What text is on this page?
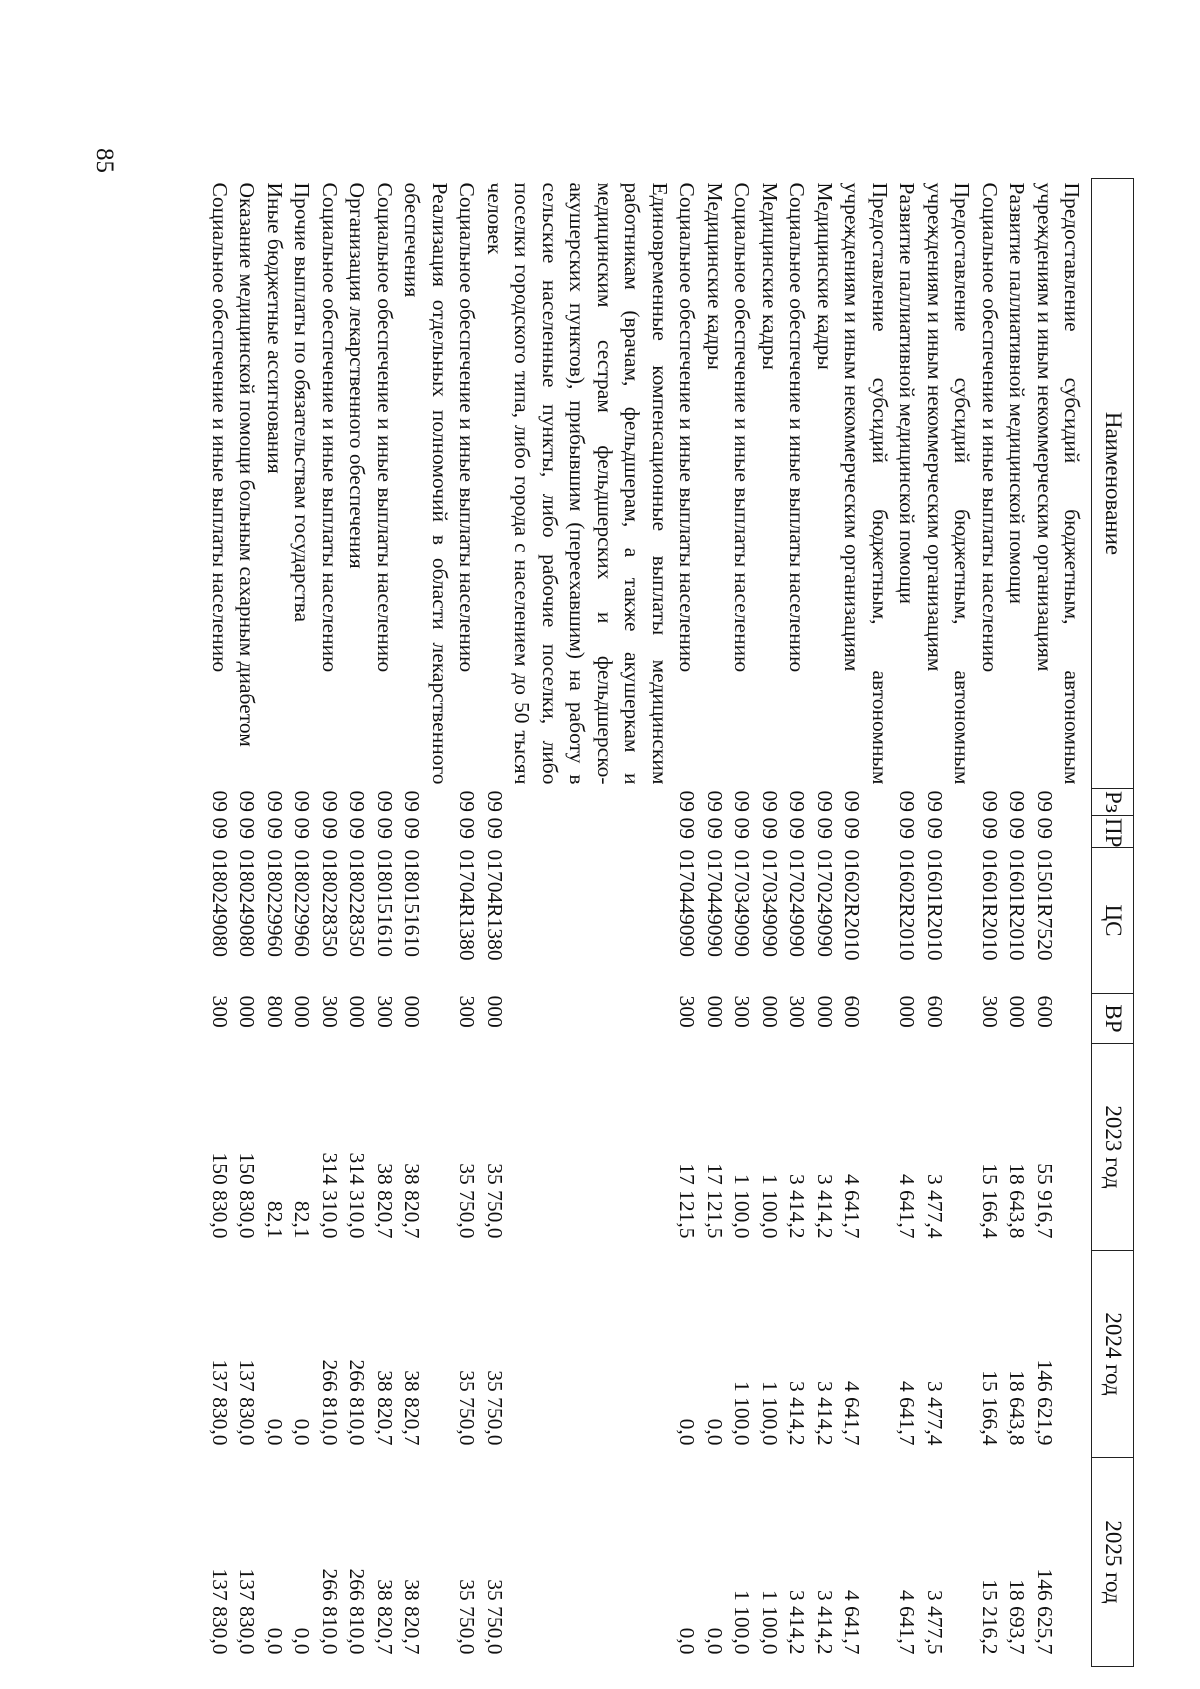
85
Наименование	Рз	ПР	ЦС	ВР	2023 год	2024 год	2025 год
Предоставление субсидий бюджетным, автономным учреждениям и иным некоммерческим организациям	09	09	01501R7520	600	55 916,7	146 621,9	146 625,7
Развитие паллиативной медицинской помощи	09	09	01601R2010	000	18 643,8	18 643,8	18 693,7
Социальное обеспечение и иные выплаты населению	09	09	01601R2010	300	15 166,4	15 166,4	15 216,2
Предоставление субсидий бюджетным, автономным учреждениям и иным некоммерческим организациям	09	09	01601R2010	600	3 477,4	3 477,4	3 477,5
Развитие паллиативной медицинской помощи	09	09	01602R2010	000	4 641,7	4 641,7	4 641,7
Предоставление субсидий бюджетным, автономным учреждениям и иным некоммерческим организациям	09	09	01602R2010	600	4 641,7	4 641,7	4 641,7
Медицинские кадры	09	09	0170249090	000	3 414,2	3 414,2	3 414,2
Социальное обеспечение и иные выплаты населению	09	09	0170249090	300	3 414,2	3 414,2	3 414,2
Медицинские кадры	09	09	0170349090	000	1 100,0	1 100,0	1 100,0
Социальное обеспечение и иные выплаты населению	09	09	0170349090	300	1 100,0	1 100,0	1 100,0
Медицинские кадры	09	09	0170449090	000	17 121,5	0,0	0,0
Социальное обеспечение и иные выплаты населению	09	09	0170449090	300	17 121,5	0,0	0,0
Единовременные компенсационные выплаты медицинским работникам (врачам, фельдшерам, а также акушеркам и медицинским сестрам фельдшерских и фельдшерско-акушерских пунктов), прибывшим (переехавшим) на работу в сельские населенные пункты, либо рабочие поселки, либо поселки городского типа, либо города с населением до 50 тысяч человек	09	09	01704R1380	000	35 750,0	35 750,0	35 750,0
Социальное обеспечение и иные выплаты населению	09	09	01704R1380	300	35 750,0	35 750,0	35 750,0
Реализация отдельных полномочий в области лекарственного обеспечения	09	09	0180151610	000	38 820,7	38 820,7	38 820,7
Социальное обеспечение и иные выплаты населению	09	09	0180151610	300	38 820,7	38 820,7	38 820,7
Организация лекарственного обеспечения	09	09	0180228350	000	314 310,0	266 810,0	266 810,0
Социальное обеспечение и иные выплаты населению	09	09	0180228350	300	314 310,0	266 810,0	266 810,0
Прочие выплаты по обязательствам государства	09	09	0180229960	000	82,1	0,0	0,0
Иные бюджетные ассигнования	09	09	0180229960	800	82,1	0,0	0,0
Оказание медицинской помощи больным сахарным диабетом	09	09	0180249080	000	150 830,0	137 830,0	137 830,0
Социальное обеспечение и иные выплаты населению	09	09	0180249080	300	150 830,0	137 830,0	137 830,0
